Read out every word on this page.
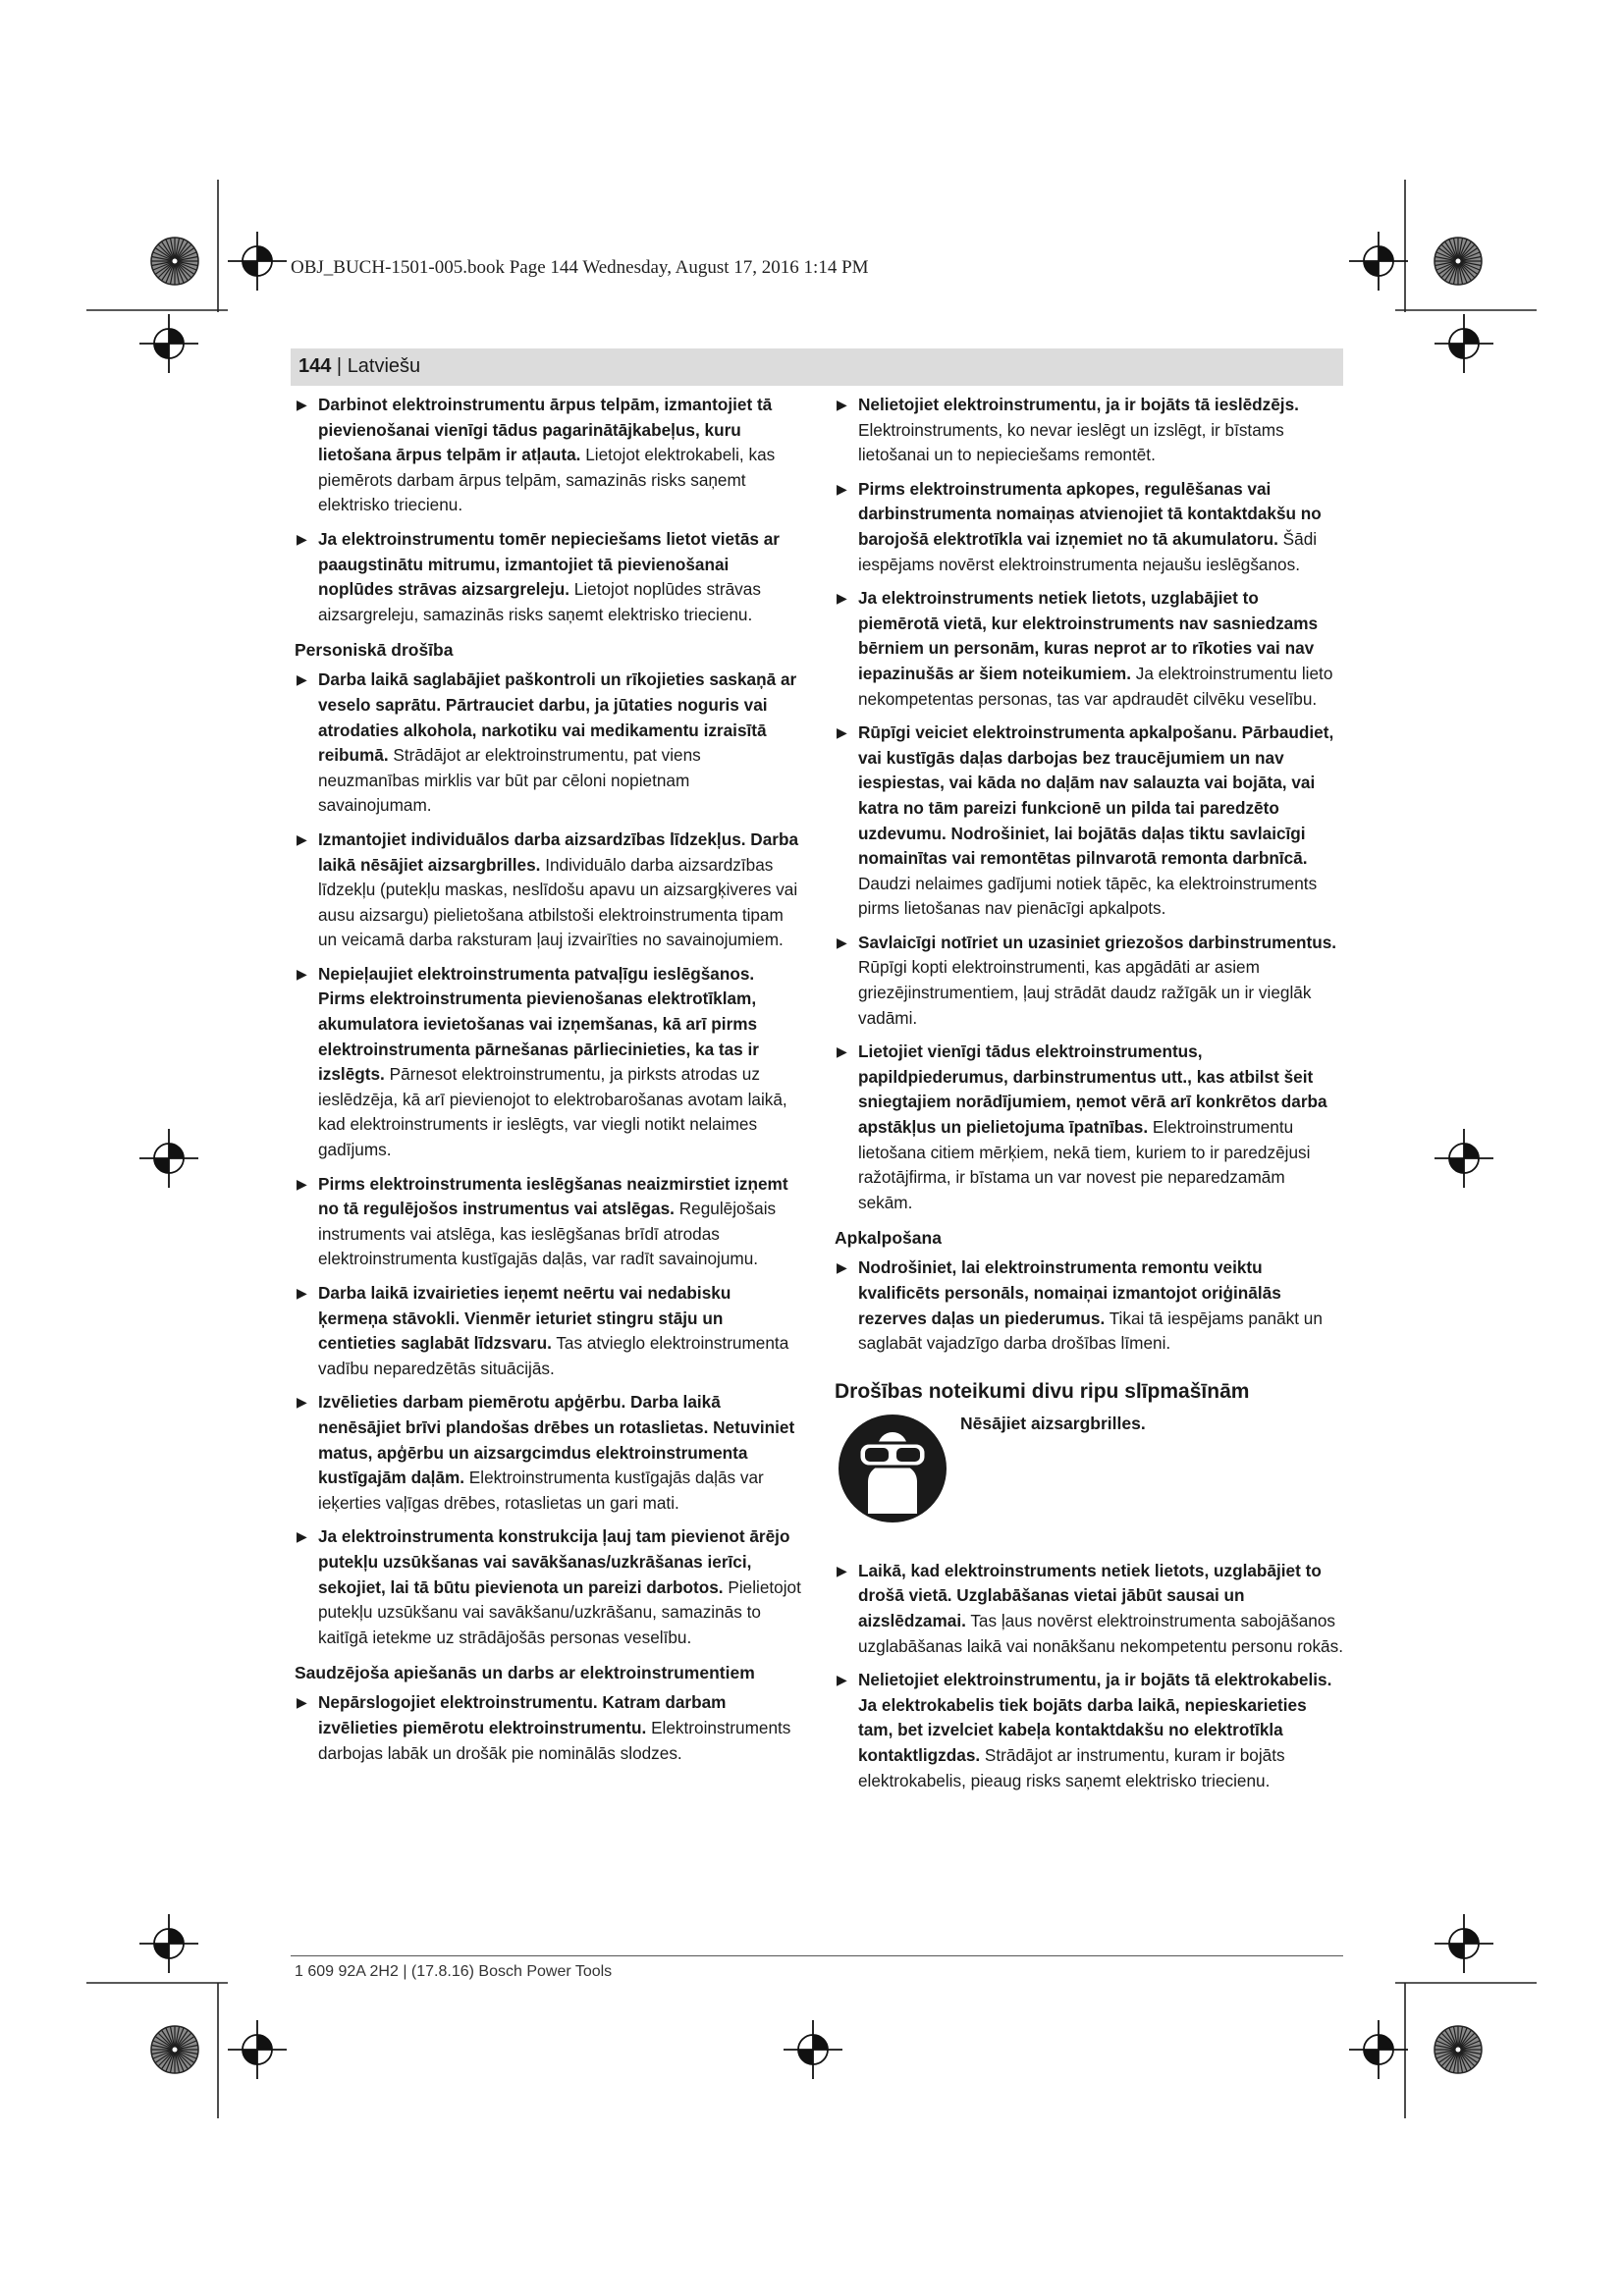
OBJ_BUCH-1501-005.book Page 144 Wednesday, August 17, 2016 1:14 PM
144 | Latviešu
▶ Darbinot elektroinstrumentu ārpus telpām, izmantojiet tā pievienošanai vienīgi tādus pagarinātājkabeļus, kuru lietošana ārpus telpām ir atļauta. Lietojot elektrokabeli, kas piemērots darbam ārpus telpām, samazinās risks saņemt elektrisko triecienu.
▶ Ja elektroinstrumentu tomēr nepieciešams lietot vietās ar paaugstinātu mitrumu, izmantojiet tā pievienošanai noplūdes strāvas aizsargreleju. Lietojot noplūdes strāvas aizsargreleju, samazinās risks saņemt elektrisko triecienu.
Personiskā drošība
▶ Darba laikā saglabājiet paškontroli un rīkojieties saskaņā ar veselo saprātu. Pārtrauciet darbu, ja jūtaties noguris vai atrodaties alkohola, narkotiku vai medikamentu izraisītā reibumā. Strādājot ar elektroinstrumentu, pat viens neuzmanības mirklis var būt par cēloni nopietnam savainojumam.
▶ Izmantojiet individuālos darba aizsardzības līdzekļus. Darba laikā nēsājiet aizsargbrilles. Individuālo darba aizsardzības līdzekļu (putekļu maskas, neslīdošu apavu un aizsargķiveres vai ausu aizsargu) pielietošana atbilstoši elektroinstrumenta tipam un veicamā darba raksturam ļauj izvairīties no savainojumiem.
▶ Nepieļaujiet elektroinstrumenta patvaļīgu ieslēgšanos. Pirms elektroinstrumenta pievienošanas elektrotīklam, akumulatora ievietošanas vai izņemšanas, kā arī pirms elektroinstrumenta pārnešanas pārliecinieties, ka tas ir izslēgts. Pārnesot elektroinstrumentu, ja pirksts atrodas uz ieslēdzēja, kā arī pievienojot to elektrobarošanas avotam laikā, kad elektroinstruments ir ieslēgts, var viegli notikt nelaimes gadījums.
▶ Pirms elektroinstrumenta ieslēgšanas neaizmirstiet izņemt no tā regulējošos instrumentus vai atslēgas. Regulējošais instruments vai atslēga, kas ieslēgšanas brīdī atrodas elektroinstrumenta kustīgajās daļās, var radīt savainojumu.
▶ Darba laikā izvairieties ieņemt neērtu vai nedabisku ķermeņa stāvokli. Vienmēr ieturiet stingru stāju un centieties saglabāt līdzsvaru. Tas atvieglo elektroinstrumenta vadību neparedzētās situācijās.
▶ Izvēlieties darbam piemērotu apģērbu. Darba laikā nenēsājiet brīvi plandošas drēbes un rotaslietas. Netuviniet matus, apģērbu un aizsargcimdus elektroinstrumenta kustīgajām daļām. Elektroinstrumenta kustīgajās daļās var ieķerties vaļīgas drēbes, rotaslietas un gari mati.
▶ Ja elektroinstrumenta konstrukcija ļauj tam pievienot ārējo putekļu uzsūkšanas vai savākšanas/uzkrāšanas ierīci, sekojiet, lai tā būtu pievienota un pareizi darbotos. Pielietojot putekļu uzsūkšanu vai savākšanu/uzkrāšanu, samazinās to kaitīgā ietekme uz strādājošās personas veselību.
Saudzējoša apiešanās un darbs ar elektroinstrumentiem
▶ Nepārslogojiet elektroinstrumentu. Katram darbam izvēlieties piemērotu elektroinstrumentu. Elektroinstruments darbojas labāk un drošāk pie nominālās slodzes.
▶ Nelietojiet elektroinstrumentu, ja ir bojāts tā ieslēdzējs. Elektroinstruments, ko nevar ieslēgt un izslēgt, ir bīstams lietošanai un to nepieciešams remontēt.
▶ Pirms elektroinstrumenta apkopes, regulēšanas vai darbinstrumenta nomaiņas atvienojiet tā kontaktdakšu no barojošā elektrotīkla vai izņemiet no tā akumulatoru. Šādi iespējams novērst elektroinstrumenta nejaušu ieslēgšanos.
▶ Ja elektroinstruments netiek lietots, uzglabājiet to piemērotā vietā, kur elektroinstruments nav sasniedzams bērniem un personām, kuras neprot ar to rīkoties vai nav iepazinušās ar šiem noteikumiem. Ja elektroinstrumentu lieto nekompetentas personas, tas var apdraudēt cilvēku veselību.
▶ Rūpīgi veiciet elektroinstrumenta apkalpošanu. Pārbaudiet, vai kustīgās daļas darbojas bez traucējumiem un nav iespiestas, vai kāda no daļām nav salauzta vai bojāta, vai katra no tām pareizi funkcionē un pilda tai paredzēto uzdevumu. Nodrošiniet, lai bojātās daļas tiktu savlaicīgi nomainītas vai remontētas pilnvarotā remonta darbnīcā. Daudzi nelaimes gadījumi notiek tāpēc, ka elektroinstruments pirms lietošanas nav pienācīgi apkalpots.
▶ Savlaicīgi notīriet un uzasiniet griezošos darbinstrumentus. Rūpīgi kopti elektroinstrumenti, kas apgādāti ar asiem griezējinstrumentiem, ļauj strādāt daudz ražīgāk un ir vieglāk vadāmi.
▶ Lietojiet vienīgi tādus elektroinstrumentus, papildpiederumus, darbinstrumentus utt., kas atbilst šeit sniegtajiem norādījumiem, ņemot vērā arī konkrētos darba apstākļus un pielietojuma īpatnības. Elektroinstrumentu lietošana citiem mērķiem, nekā tiem, kuriem to ir paredzējusi ražotājfirma, ir bīstama un var novest pie neparedzamām sekām.
Apkalpošana
▶ Nodrošiniet, lai elektroinstrumenta remontu veiktu kvalificēts personāls, nomaiņai izmantojot oriģinālās rezerves daļas un piederumus. Tikai tā iespējams panākt un saglabāt vajadzīgo darba drošības līmeni.
Drošības noteikumi divu ripu slīpmašīnām
Nēsājiet aizsargbrilles.
▶ Laikā, kad elektroinstruments netiek lietots, uzglabājiet to drošā vietā. Uzglabāšanas vietai jābūt sausai un aizslēdzamai. Tas ļaus novērst elektroinstrumenta sabojāšanos uzglabāšanas laikā vai nonākšanu nekompetentu personu rokās.
▶ Nelietojiet elektroinstrumentu, ja ir bojāts tā elektrokabelis. Ja elektrokabelis tiek bojāts darba laikā, nepieskarieties tam, bet izvelciet kabeļa kontaktdakšu no elektrotīkla kontaktligzdas. Strādājot ar instrumentu, kuram ir bojāts elektrokabelis, pieaug risks saņemt elektrisko triecienu.
1 609 92A 2H2 | (17.8.16) Bosch Power Tools
